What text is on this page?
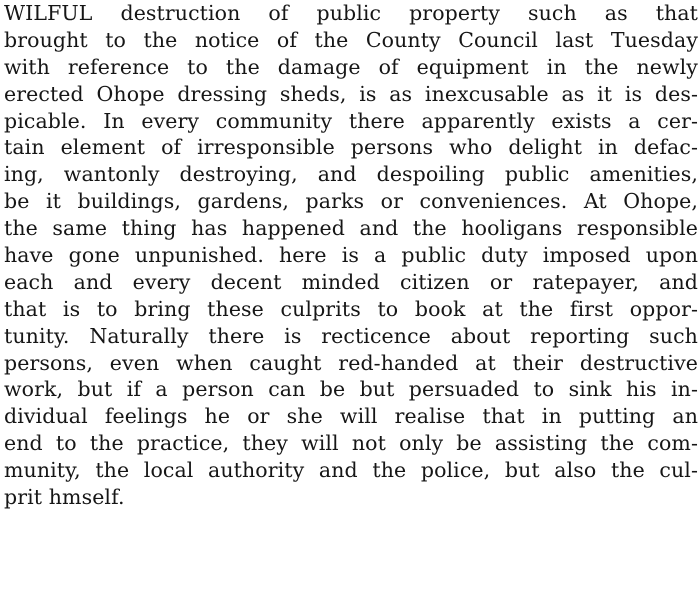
WILFUL destruction of public property such as that
brought to the notice of the County Council last Tuesday
with reference to the damage of equipment in the newly
erected Ohope dressing sheds, is as inexcusable as it is des-
picable. In every community there apparently exists a cer-
tain element of irresponsible persons who delight in defac-
ing, wantonly destroying, and despoiling public amenities,
be it buildings, gardens, parks or conveniences. At Ohope,
the same thing has happened and the hooligans responsible
have gone unpunished. here is a public duty imposed upon
each and every decent minded citizen or ratepayer, and
that is to bring these culprits to book at the first oppor-
tunity. Naturally there is recticence about reporting such
persons, even when caught red-handed at their destructive
work, but if a person can be but persuaded to sink his in-
dividual feelings he or she will realise that in putting an
end to the practice, they will not only be assisting the com-
munity, the local authority and the police, but also the cul-
prit hmself.
